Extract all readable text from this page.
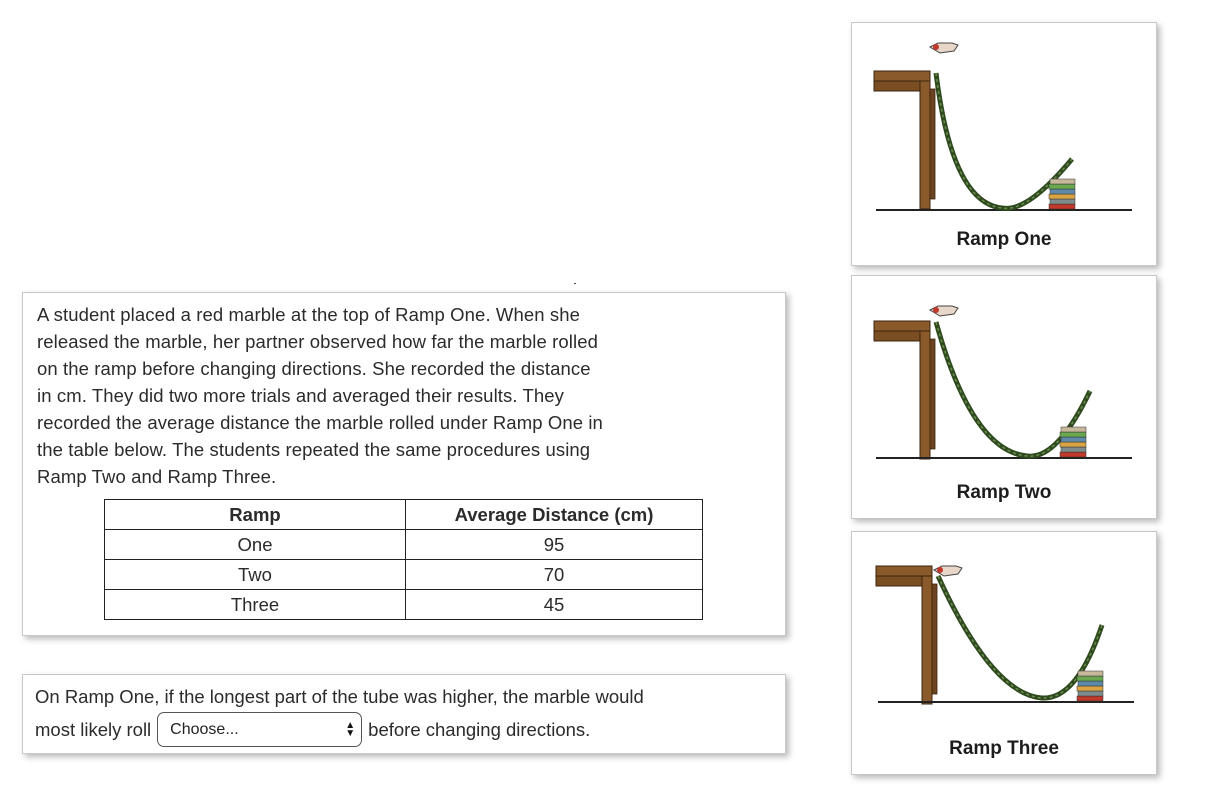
A student placed a red marble at the top of Ramp One. When she
released the marble, her partner observed how far the marble rolled
on the ramp before changing directions. She recorded the distance
in cm. They did two more trials and averaged their results. They
recorded the average distance the marble rolled under Ramp One in
the table below. The students repeated the same procedures using
Ramp Two and Ramp Three.

Ramp	Average Distance (cm)
One	95
Two	70
Three	45
On Ramp One, if the longest part of the tube was higher, the marble would
most likely roll Choose...	▲
▼ before changing directions.
Ramp One
Ramp Two
Ramp Three
